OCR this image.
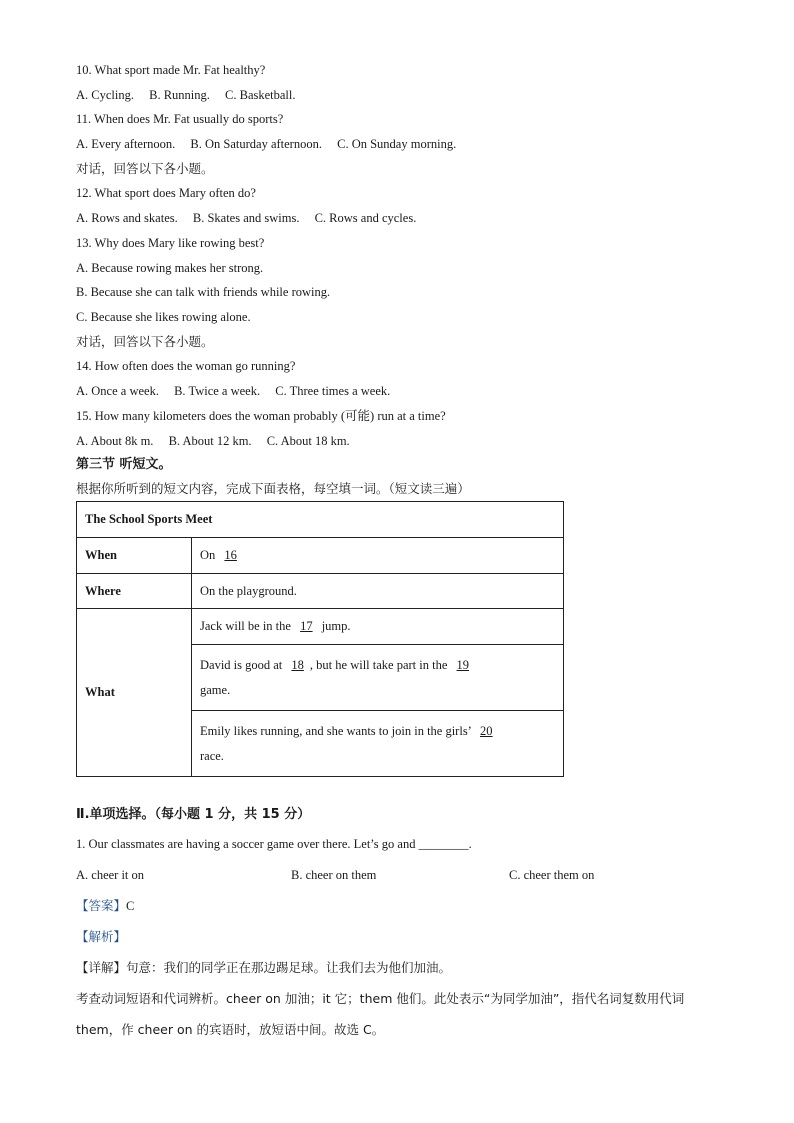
10. What sport made Mr. Fat healthy?
A. Cycling. B. Running. C. Basketball.
11. When does Mr. Fat usually do sports?
A. Every afternoon. B. On Saturday afternoon. C. On Sunday morning.
对话，回答以下各小题。
12. What sport does Mary often do?
A. Rows and skates. B. Skates and swims. C. Rows and cycles.
13. Why does Mary like rowing best?
A. Because rowing makes her strong.
B. Because she can talk with friends while rowing.
C. Because she likes rowing alone.
对话，回答以下各小题。
14. How often does the woman go running?
A. Once a week. B. Twice a week. C. Three times a week.
15. How many kilometers does the woman probably (可能) run at a time?
A. About 8k m. B. About 12 km. C. About 18 km.
第三节 听短文。
根据你所听到的短文内容，完成下面表格，每空填一词。（短文读三遍）
The School Sports Meet	
When	On 16
Where	On the playground.
What	Jack will be in the 17 jump.
	David is good at 18 , but he will take part in the 19
game.
	Emily likes running, and she wants to join in the girls’ 20
race.
Ⅱ.单项选择。（每小题 1 分，共 15 分）
1. Our classmates are having a soccer game over there. Let’s go and ________.
A. cheer it on	B. cheer on them	C. cheer them on
【答案】C
【解析】
【详解】句意：我们的同学正在那边踢足球。让我们去为他们加油。
考查动词短语和代词辨析。cheer on 加油；it 它；them 他们。此处表示“为同学加油”，指代名词复数用代词 them，作 cheer on 的宾语时，放短语中间。故选 C。
